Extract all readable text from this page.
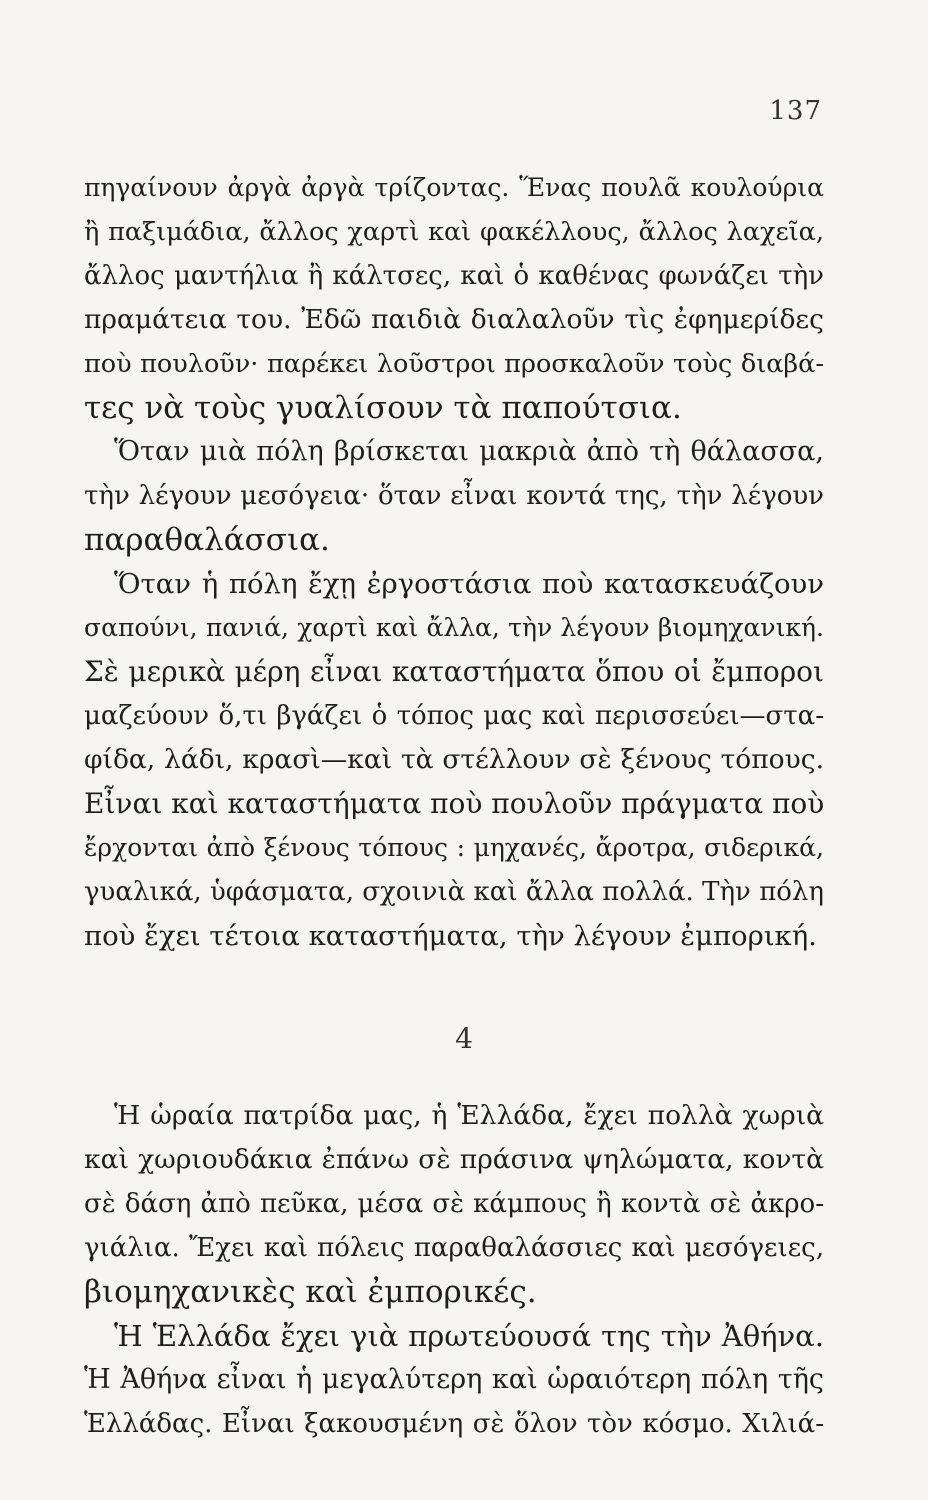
137
πηγαίνουν ἀργὰ ἀργὰ τρίζοντας. Ἕνας πουλᾶ κουλούρια
ἢ παξιμάδια, ἄλλος χαρτὶ καὶ φακέλλους, ἄλλος λαχεῖα,
ἄλλος μαντήλια ἢ κάλτσες, καὶ ὁ καθένας φωνάζει τὴν
πραμάτεια του. Ἐδῶ παιδιὰ διαλαλοῦν τὶς ἐφημερίδες
ποὺ πουλοῦν· παρέκει λοῦστροι προσκαλοῦν τοὺς διαβά-
τες νὰ τοὺς γυαλίσουν τὰ παπούτσια.
Ὅταν μιὰ πόλη βρίσκεται μακριὰ ἀπὸ τὴ θάλασσα,
τὴν λέγουν μεσόγεια· ὅταν εἶναι κοντά της, τὴν λέγουν
παραθαλάσσια.
Ὅταν ἡ πόλη ἔχῃ ἐργοστάσια ποὺ κατασκευάζουν
σαπούνι, πανιά, χαρτὶ καὶ ἄλλα, τὴν λέγουν βιομηχανική.
Σὲ μερικὰ μέρη εἶναι καταστήματα ὅπου οἱ ἔμποροι
μαζεύουν ὅ,τι βγάζει ὁ τόπος μας καὶ περισσεύει—στα-
φίδα, λάδι, κρασὶ—καὶ τὰ στέλλουν σὲ ξένους τόπους.
Εἶναι καὶ καταστήματα ποὺ πουλοῦν πράγματα ποὺ
ἔρχονται ἀπὸ ξένους τόπους : μηχανές, ἄροτρα, σιδερικά,
γυαλικά, ὑφάσματα, σχοινιὰ καὶ ἄλλα πολλά. Τὴν πόλη
ποὺ ἔχει τέτοια καταστήματα, τὴν λέγουν ἐμπορική.
4
Ἡ ὡραία πατρίδα μας, ἡ Ἑλλάδα, ἔχει πολλὰ χωριὰ
καὶ χωριουδάκια ἐπάνω σὲ πράσινα ψηλώματα, κοντὰ
σὲ δάση ἀπὸ πεῦκα, μέσα σὲ κάμπους ἢ κοντὰ σὲ ἀκρο-
γιάλια. Ἔχει καὶ πόλεις παραθαλάσσιες καὶ μεσόγειες,
βιομηχανικὲς καὶ ἐμπορικές.
Ἡ Ἑλλάδα ἔχει γιὰ πρωτεύουσά της τὴν Ἀθήνα.
Ἡ Ἀθήνα εἶναι ἡ μεγαλύτερη καὶ ὡραιότερη πόλη τῆς
Ἑλλάδας. Εἶναι ξακουσμένη σὲ ὅλον τὸν κόσμο. Χιλιά-
